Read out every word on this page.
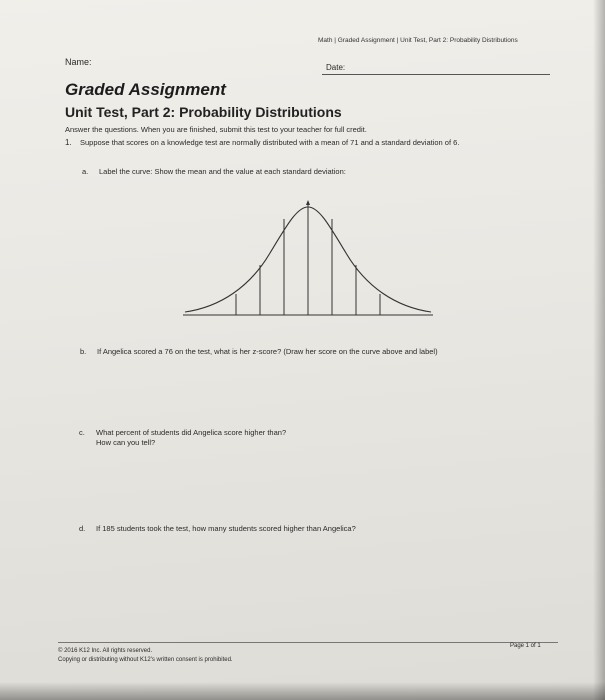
Math | Graded Assignment | Unit Test, Part 2: Probability Distributions
Name:
Date:
Graded Assignment
Unit Test, Part 2: Probability Distributions
Answer the questions. When you are finished, submit this test to your teacher for full credit.
1. Suppose that scores on a knowledge test are normally distributed with a mean of 71 and a standard deviation of 6.
a. Label the curve: Show the mean and the value at each standard deviation:
b. If Angelica scored a 76 on the test, what is her z-score? (Draw her score on the curve above and label)
c. What percent of students did Angelica score higher than?
How can you tell?
d. If 185 students took the test, how many students scored higher than Angelica?
© 2016 K12 Inc. All rights reserved.
Copying or distributing without K12's written consent is prohibited.
Page 1 of 1
